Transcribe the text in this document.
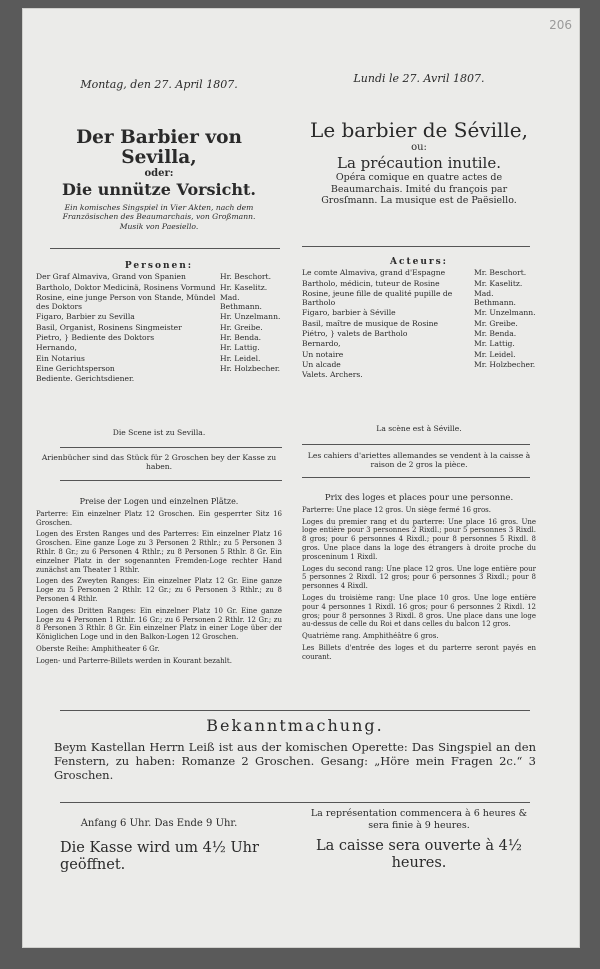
206
Montag, den 27. April 1807.	Lundi le 27. Avril 1807.
Der Barbier von Sevilla,
oder:
Die unnütze Vorsicht.
Ein komisches Singspiel in Vier Akten, nach dem Französischen des Beaumarchais, von Großmann. Musik von Paesiello.
Le barbier de Séville,
ou:
La précaution inutile.
Opéra comique en quatre actes de Beaumarchais. Imité du françois par Grosſmann. La musique est de Paësiello.
Personen:
Der Graf Almaviva, Grand von Spanien	Hr. Beschort.
Bartholo, Doktor Medicinä, Rosinens Vormund Hr. Kaselitz.
Rosine, eine junge Person von Stande, Mündel des Doktors
Mad. Bethmann.
Figaro, Barbier zu Sevilla	Hr. Unzelmann.
Basil, Organist, Rosinens Singmeister	Hr. Greibe.
Pietro, } Bediente des Doktors	Hr. Benda.
Hernando,	Hr. Lattig.
Ein Notarius	Hr. Leidel.
Eine Gerichtsperson	Hr. Holzbecher.
Bediente. Gerichtsdiener.
Die Scene ist zu Sevilla.
Acteurs:
Le comte Almaviva, grand d'Espagne	Mr. Beschort.
Bartholo, médicin, tuteur de Rosine	Mr. Kaselitz.
Rosine, jeune fille de qualité pupille de Bartholo
Mad. Bethmann.
Figaro, barbier à Séville	Mr. Unzelmann.
Basil, maître de musique de Rosine	Mr. Greibe.
Piétro, } valets de Bartholo	Mr. Benda.
Bernardo,	Mr. Lattig.
Un notaire	Mr. Leidel.
Un alcade	Mr. Holzbecher.
Valets. Archers.
La scène est à Séville.
Arienbücher sind das Stück für 2 Groschen bey der Kasse zu haben.
Les cahiers d'ariettes allemandes se vendent à la caisse à raison de 2 gros la pièce.
Preise der Logen und einzelnen Plätze.
Parterre: Ein einzelner Platz 12 Groschen. Ein gesperrter Sitz 16 Groschen.
Logen des Ersten Ranges und des Parterres: Ein einzelner Platz 16 Groschen. Eine ganze Loge zu 3 Personen 2 Rthlr.; zu 5 Personen 3 Rthlr. 8 Gr.; zu 6 Personen 4 Rthlr.; zu 8 Personen 5 Rthlr. 8 Gr. Ein einzelner Platz in der sogenannten Fremden-Loge rechter Hand zunächst am Theater 1 Rthlr.
Logen des Zweyten Ranges: Ein einzelner Platz 12 Gr. Eine ganze Loge zu 5 Personen 2 Rthlr. 12 Gr.; zu 6 Personen 3 Rthlr.; zu 8 Personen 4 Rthlr.
Logen des Dritten Ranges: Ein einzelner Platz 10 Gr. Eine ganze Loge zu 4 Personen 1 Rthlr. 16 Gr.; zu 6 Personen 2 Rthlr. 12 Gr.; zu 8 Personen 3 Rthlr. 8 Gr. Ein einzelner Platz in einer Loge über der Königlichen Loge und in den Balkon-Logen 12 Groschen.
Oberste Reihe: Amphitheater 6 Gr.
Logen- und Parterre-Billets werden in Kourant bezahlt.
Prix des loges et places pour une personne.
Parterre: Une place 12 gros. Un siège fermé 16 gros.
Loges du premier rang et du parterre: Une place 16 gros. Une loge entière pour 3 personnes 2 Rixdl.; pour 5 personnes 3 Rixdl. 8 gros; pour 6 personnes 4 Rixdl.; pour 8 personnes 5 Rixdl. 8 gros. Une place dans la loge des étrangers à droite proche du prosceninum 1 Rixdl.
Loges du second rang: Une place 12 gros. Une loge entière pour 5 personnes 2 Rixdl. 12 gros; pour 6 personnes 3 Rixdl.; pour 8 personnes 4 Rixdl.
Loges du troisième rang: Une place 10 gros. Une loge entière pour 4 personnes 1 Rixdl. 16 gros; pour 6 personnes 2 Rixdl. 12 gros; pour 8 personnes 3 Rixdl. 8 gros. Une place dans une loge au-dessus de celle du Roi et dans celles du balcon 12 gros.
Quatrième rang. Amphithéâtre 6 gros.
Les Billets d'entrée des loges et du parterre seront payés en courant.
Bekanntmachung.
Beym Kastellan Herrn Leiß ist aus der komischen Operette: Das Singspiel an den Fenstern, zu haben: Romanze 2 Groschen. Gesang: „Höre mein Fragen 2c.“ 3 Groschen.
Anfang 6 Uhr. Das Ende 9 Uhr.
Die Kasse wird um 4½ Uhr geöffnet.
La représentation commencera à 6 heures & sera finie à 9 heures.
La caisse sera ouverte à 4½ heures.
